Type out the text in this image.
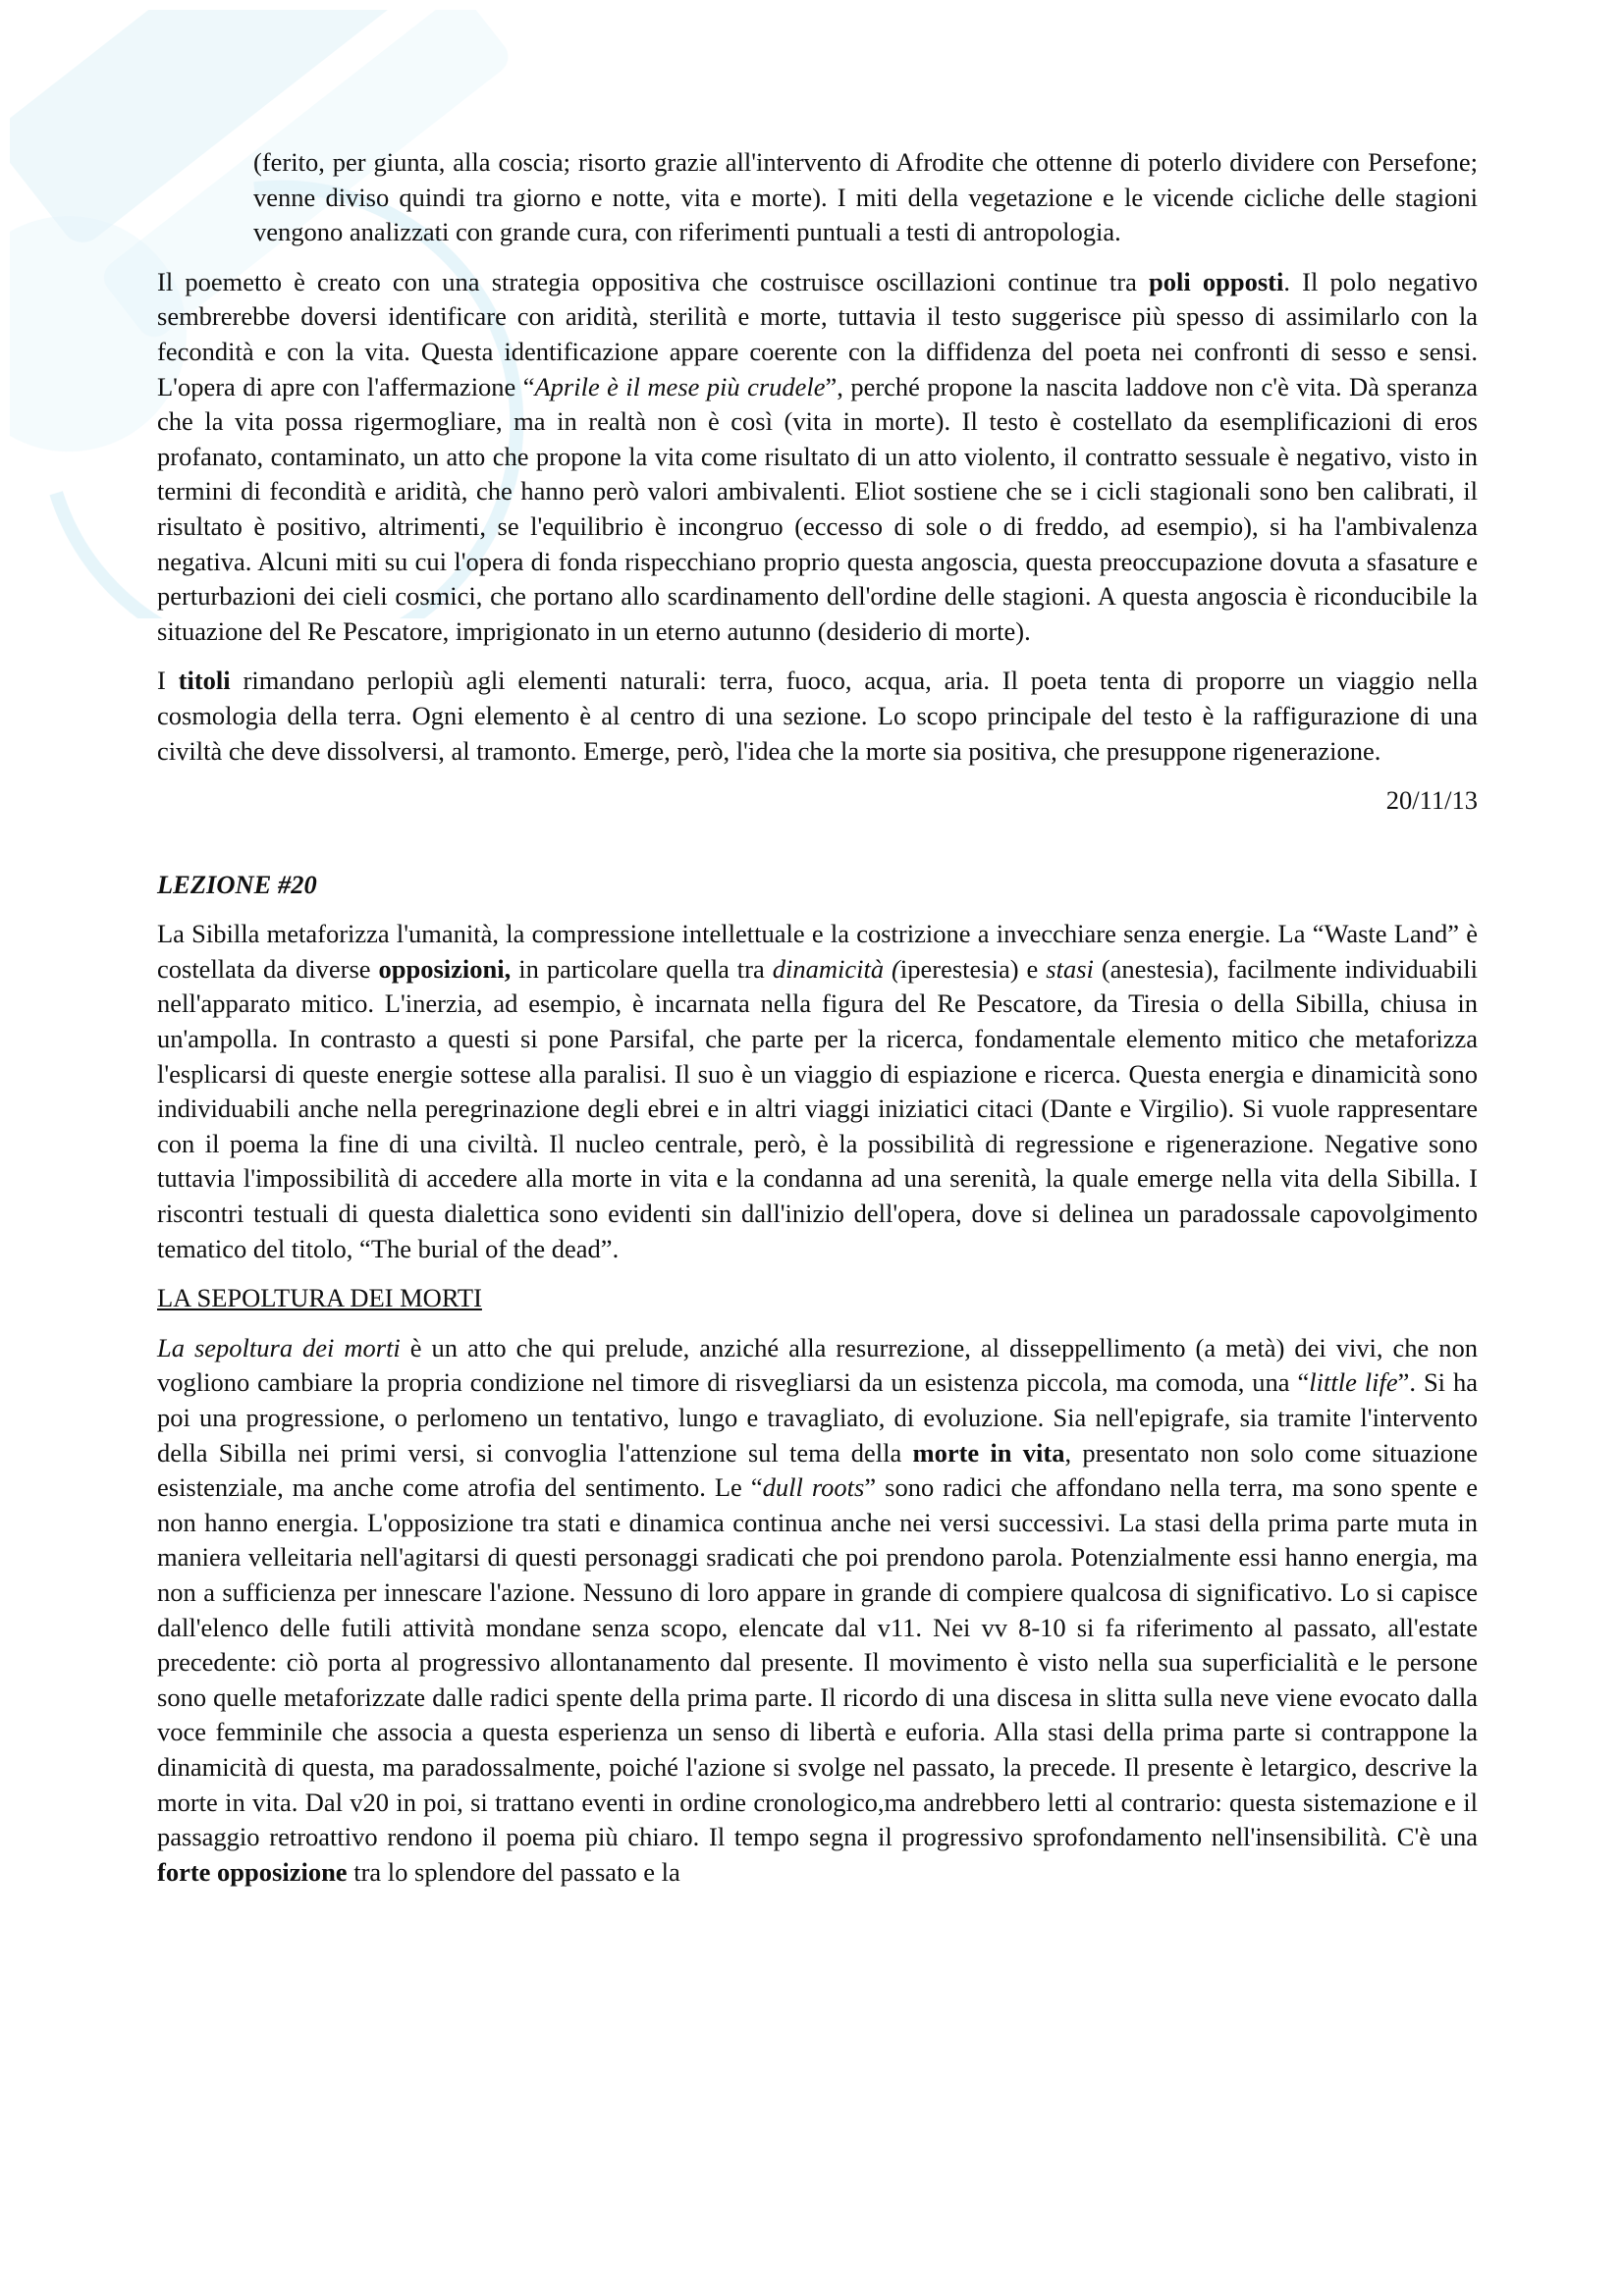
(ferito, per giunta, alla coscia; risorto grazie all'intervento di Afrodite che ottenne di poterlo dividere con Persefone; venne diviso quindi tra giorno e notte, vita e morte). I miti della vegetazione e le vicende cicliche delle stagioni vengono analizzati con grande cura, con riferimenti puntuali a testi di antropologia.

Il poemetto è creato con una strategia oppositiva che costruisce oscillazioni continue tra poli opposti. Il polo negativo sembrerebbe doversi identificare con aridità, sterilità e morte, tuttavia il testo suggerisce più spesso di assimilarlo con la fecondità e con la vita. Questa identificazione appare coerente con la diffidenza del poeta nei confronti di sesso e sensi. L'opera di apre con l'affermazione “Aprile è il mese più crudele”, perché propone la nascita laddove non c'è vita. Dà speranza che la vita possa rigermogliare, ma in realtà non è così (vita in morte). Il testo è costellato da esemplificazioni di eros profanato, contaminato, un atto che propone la vita come risultato di un atto violento, il contratto sessuale è negativo, visto in termini di fecondità e aridità, che hanno però valori ambivalenti. Eliot sostiene che se i cicli stagionali sono ben calibrati, il risultato è positivo, altrimenti, se l'equilibrio è incongruo (eccesso di sole o di freddo, ad esempio), si ha l'ambivalenza negativa. Alcuni miti su cui l'opera di fonda rispecchiano proprio questa angoscia, questa preoccupazione dovuta a sfasature e perturbazioni dei cieli cosmici, che portano allo scardinamento dell'ordine delle stagioni. A questa angoscia è riconducibile la situazione del Re Pescatore, imprigionato in un eterno autunno (desiderio di morte).

I titoli rimandano perlopiù agli elementi naturali: terra, fuoco, acqua, aria. Il poeta tenta di proporre un viaggio nella cosmologia della terra. Ogni elemento è al centro di una sezione. Lo scopo principale del testo è la raffigurazione di una civiltà che deve dissolversi, al tramonto. Emerge, però, l'idea che la morte sia positiva, che presuppone rigenerazione.

20/11/13

LEZIONE #20

La Sibilla metaforizza l'umanità, la compressione intellettuale e la costrizione a invecchiare senza energie. La “Waste Land” è costellata da diverse opposizioni, in particolare quella tra dinamicità (iperestesia) e stasi (anestesia), facilmente individuabili nell'apparato mitico. L'inerzia, ad esempio, è incarnata nella figura del Re Pescatore, da Tiresia o della Sibilla, chiusa in un'ampolla. In contrasto a questi si pone Parsifal, che parte per la ricerca, fondamentale elemento mitico che metaforizza l'esplicarsi di queste energie sottese alla paralisi. Il suo è un viaggio di espiazione e ricerca. Questa energia e dinamicità sono individuabili anche nella peregrinazione degli ebrei e in altri viaggi iniziatici citaci (Dante e Virgilio). Si vuole rappresentare con il poema la fine di una civiltà. Il nucleo centrale, però, è la possibilità di regressione e rigenerazione. Negative sono tuttavia l'impossibilità di accedere alla morte in vita e la condanna ad una serenità, la quale emerge nella vita della Sibilla. I riscontri testuali di questa dialettica sono evidenti sin dall'inizio dell'opera, dove si delinea un paradossale capovolgimento tematico del titolo, “The burial of the dead”.

LA SEPOLTURA DEI MORTI

La sepoltura dei morti è un atto che qui prelude, anziché alla resurrezione, al disseppellimento (a metà) dei vivi, che non vogliono cambiare la propria condizione nel timore di risvegliarsi da un esistenza piccola, ma comoda, una “little life”. Si ha poi una progressione, o perlomeno un tentativo, lungo e travagliato, di evoluzione. Sia nell'epigrafe, sia tramite l'intervento della Sibilla nei primi versi, si convoglia l'attenzione sul tema della morte in vita, presentato non solo come situazione esistenziale, ma anche come atrofia del sentimento. Le “dull roots” sono radici che affondano nella terra, ma sono spente e non hanno energia. L'opposizione tra stati e dinamica continua anche nei versi successivi. La stasi della prima parte muta in maniera velleitaria nell'agitarsi di questi personaggi sradicati che poi prendono parola. Potenzialmente essi hanno energia, ma non a sufficienza per innescare l'azione. Nessuno di loro appare in grande di compiere qualcosa di significativo. Lo si capisce dall'elenco delle futili attività mondane senza scopo, elencate dal v11. Nei vv 8-10 si fa riferimento al passato, all'estate precedente: ciò porta al progressivo allontanamento dal presente. Il movimento è visto nella sua superficialità e le persone sono quelle metaforizzate dalle radici spente della prima parte. Il ricordo di una discesa in slitta sulla neve viene evocato dalla voce femminile che associa a questa esperienza un senso di libertà e euforia. Alla stasi della prima parte si contrappone la dinamicità di questa, ma paradossalmente, poiché l'azione si svolge nel passato, la precede. Il presente è letargico, descrive la morte in vita. Dal v20 in poi, si trattano eventi in ordine cronologico,ma andrebbero letti al contrario: questa sistemazione e il passaggio retroattivo rendono il poema più chiaro. Il tempo segna il progressivo sprofondamento nell'insensibilità. C'è una forte opposizione tra lo splendore del passato e la
